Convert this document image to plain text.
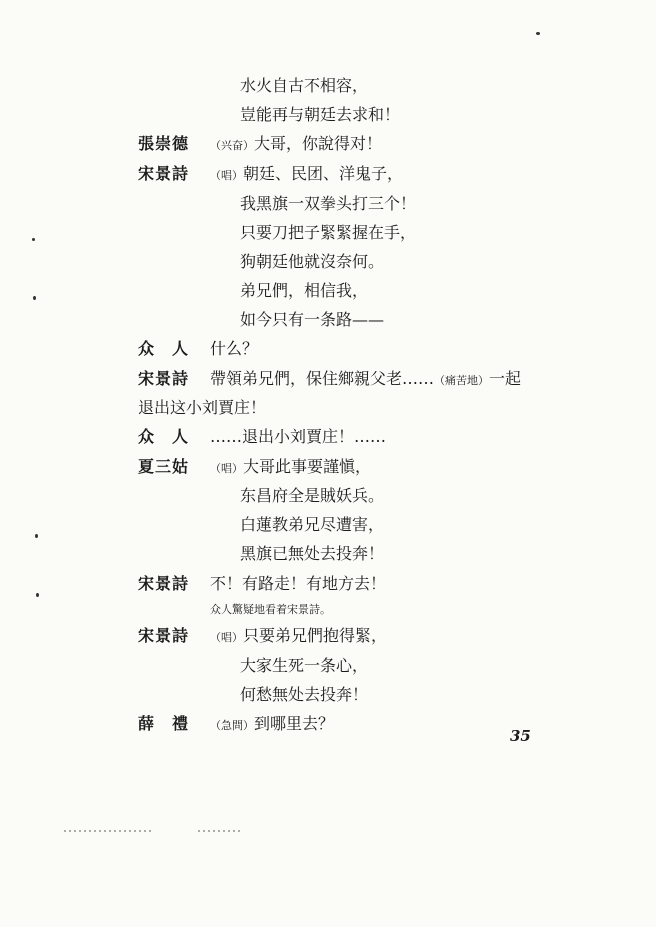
水火自古不相容，
豈能再与朝廷去求和！
張崇德 （兴奋）大哥，你說得对！
宋景詩 （唱）朝廷、民团、洋鬼子，
我黑旗一双拳头打三个！
只要刀把子緊緊握在手，
狗朝廷他就沒奈何。
弟兄們，相信我，
如今只有一条路——
众　人 什么？
宋景詩 帶領弟兄們，保住鄉親父老……（痛苦地）一起
退出这小刘賈庄！
众　人 ……退出小刘賈庄！……
夏三姑 （唱）大哥此事要謹愼，
东昌府全是賊妖兵。
白蓮教弟兄尽遭害，
黑旗已無处去投奔！
宋景詩 不！有路走！有地方去！
众人驚疑地看着宋景詩。
宋景詩 （唱）只要弟兄們抱得緊，
大家生死一条心，
何愁無处去投奔！
薛　禮 （急問）到哪里去？
35
